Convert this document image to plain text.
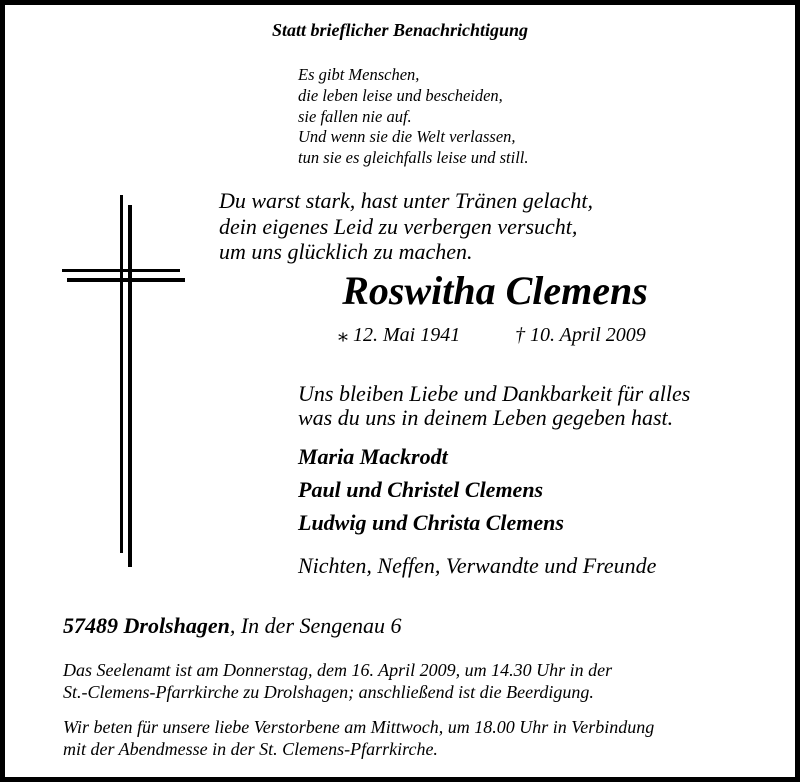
Statt brieflicher Benachrichtigung

Es gibt Menschen,

die leben leise und bescheiden,

sie fallen nie auf.

Und wenn sie die Welt verlassen,

tun sie es gleichfalls leise und still.

Du warst stark, hast unter Tränen gelacht,

dein eigenes Leid zu verbergen versucht,

um uns glücklich zu machen.

Roswitha Clemens

⁎ 12. Mai 1941	† 10. April 2009

Uns bleiben Liebe und Dankbarkeit für alles

was du uns in deinem Leben gegeben hast.

Maria Mackrodt

Paul und Christel Clemens

Ludwig und Christa Clemens

Nichten, Neffen, Verwandte und Freunde

57489 Drolshagen, In der Sengenau 6

Das Seelenamt ist am Donnerstag, dem 16. April 2009, um 14.30 Uhr in der

St.-Clemens-Pfarrkirche zu Drolshagen; anschließend ist die Beerdigung.

Wir beten für unsere liebe Verstorbene am Mittwoch, um 18.00 Uhr in Verbindung

mit der Abendmesse in der St. Clemens-Pfarrkirche.
